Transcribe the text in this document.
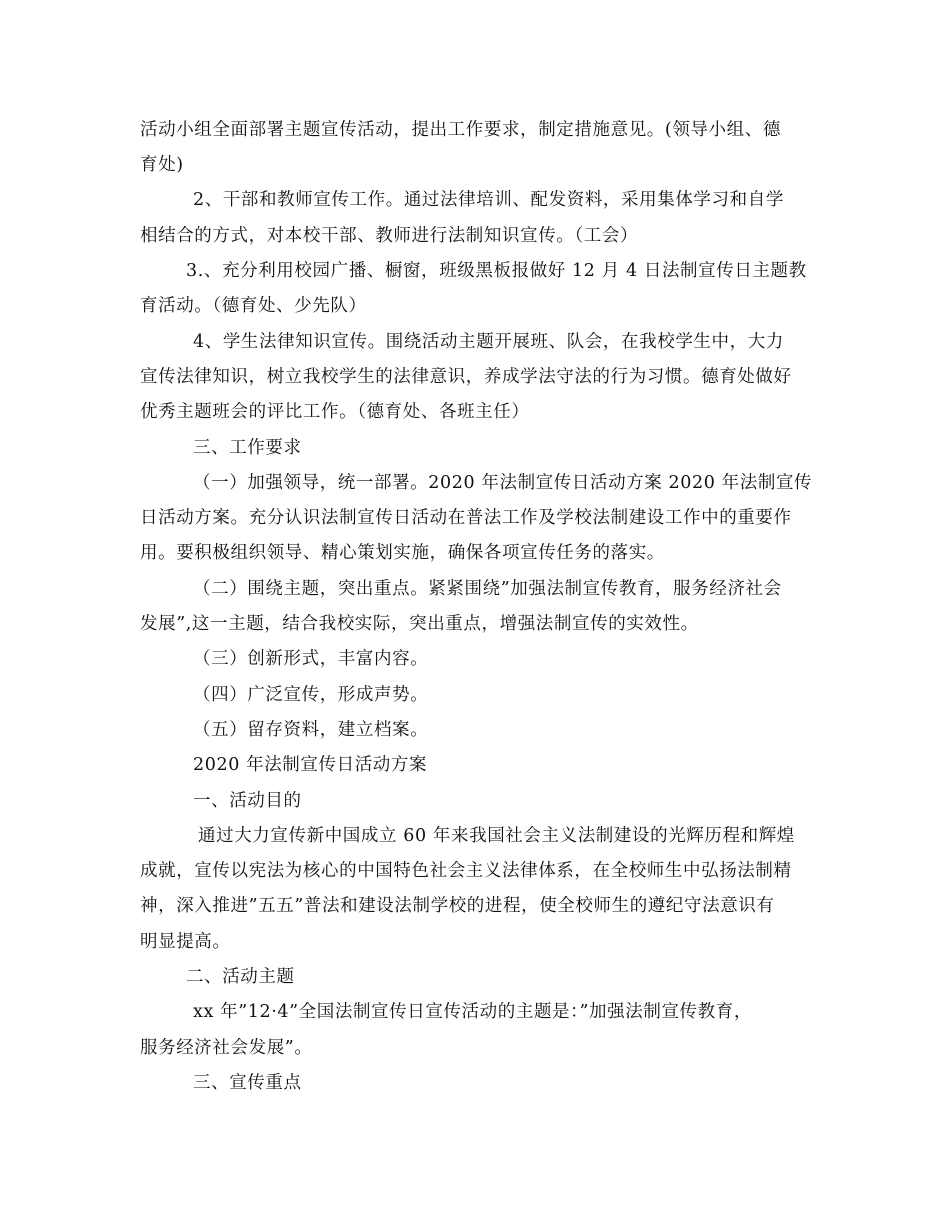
活动小组全面部署主题宣传活动，提出工作要求，制定措施意见。(领导小组、德
育处)
2、干部和教师宣传工作。通过法律培训、配发资料，采用集体学习和自学
相结合的方式，对本校干部、教师进行法制知识宣传。（工会）
3.、充分利用校园广播、橱窗，班级黑板报做好 12 月 4 日法制宣传日主题教
育活动。（德育处、少先队）
4、学生法律知识宣传。围绕活动主题开展班、队会，在我校学生中，大力
宣传法律知识，树立我校学生的法律意识，养成学法守法的行为习惯。德育处做好
优秀主题班会的评比工作。（德育处、各班主任）
三、工作要求
（一）加强领导，统一部署。2020 年法制宣传日活动方案 2020 年法制宣传
日活动方案。充分认识法制宣传日活动在普法工作及学校法制建设工作中的重要作
用。要积极组织领导、精心策划实施，确保各项宣传任务的落实。
（二）围绕主题，突出重点。紧紧围绕”加强法制宣传教育，服务经济社会
发展”,这一主题，结合我校实际，突出重点，增强法制宣传的实效性。
（三）创新形式，丰富内容。
（四）广泛宣传，形成声势。
（五）留存资料，建立档案。
2020 年法制宣传日活动方案
一、活动目的
通过大力宣传新中国成立 60 年来我国社会主义法制建设的光辉历程和辉煌
成就，宣传以宪法为核心的中国特色社会主义法律体系，在全校师生中弘扬法制精
神，深入推进”五五”普法和建设法制学校的进程，使全校师生的遵纪守法意识有
明显提高。
二、活动主题
xx 年”12·4”全国法制宣传日宣传活动的主题是：”加强法制宣传教育，
服务经济社会发展”。
三、宣传重点
